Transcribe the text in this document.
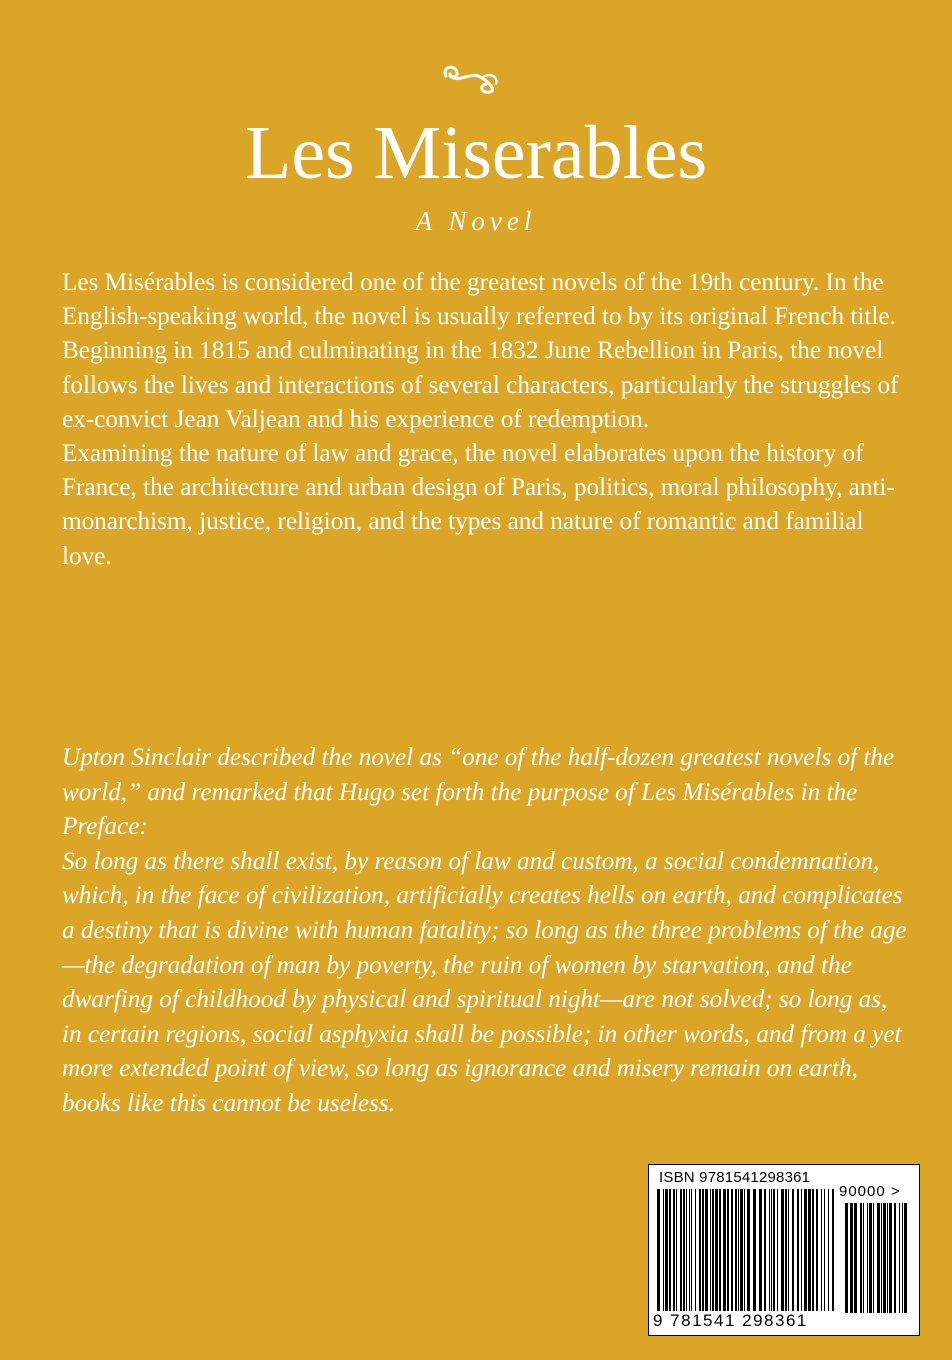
Les Miserables
A Novel

Les Misérables is considered one of the greatest novels of the 19th century. In the English-speaking world, the novel is usually referred to by its original French title. Beginning in 1815 and culminating in the 1832 June Rebellion in Paris, the novel follows the lives and interactions of several characters, particularly the struggles of ex-convict Jean Valjean and his experience of redemption.

Examining the nature of law and grace, the novel elaborates upon the history of France, the architecture and urban design of Paris, politics, moral philosophy, anti-monarchism, justice, religion, and the types and nature of romantic and familial love.

Upton Sinclair described the novel as “one of the half-dozen greatest novels of the world,” and remarked that Hugo set forth the purpose of Les Misérables in the Preface:

So long as there shall exist, by reason of law and custom, a social condemnation, which, in the face of civilization, artificially creates hells on earth, and complicates a destiny that is divine with human fatality; so long as the three problems of the age—the degradation of man by poverty, the ruin of women by starvation, and the dwarfing of childhood by physical and spiritual night—are not solved; so long as, in certain regions, social asphyxia shall be possible; in other words, and from a yet more extended point of view, so long as ignorance and misery remain on earth, books like this cannot be useless.

ISBN 9781541298361
90000 >
9 781541 298361
